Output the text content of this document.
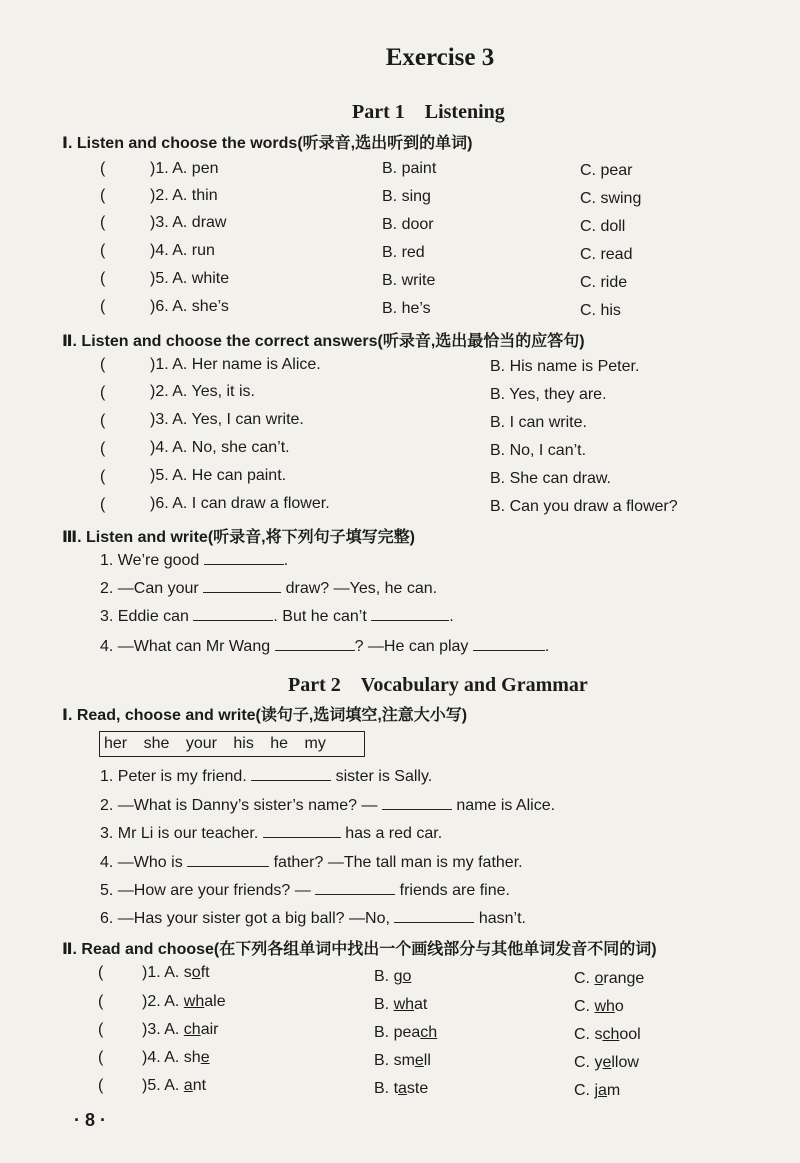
Exercise 3
Part 1　Listening
Ⅰ. Listen and choose the words(听录音,选出听到的单词)
(	)1. A. pen	B. paint	C. pear
(	)2. A. thin	B. sing	C. swing
(	)3. A. draw	B. door	C. doll
(	)4. A. run	B. red	C. read
(	)5. A. white	B. write	C. ride
(	)6. A. she’s	B. he’s	C. his
Ⅱ. Listen and choose the correct answers(听录音,选出最恰当的应答句)
(	)1. A. Her name is Alice.	B. His name is Peter.
(	)2. A. Yes, it is.	B. Yes, they are.
(	)3. A. Yes, I can write.	B. I can write.
(	)4. A. No, she can’t.	B. No, I can’t.
(	)5. A. He can paint.	B. She can draw.
(	)6. A. I can draw a flower.	B. Can you draw a flower?
Ⅲ. Listen and write(听录音,将下列句子填写完整)
1. We’re good	.
2. —Can your	draw? —Yes, he can.
3. Eddie can	. But he can’t	.
4. —What can Mr Wang	? —He can play	.
Part 2　Vocabulary and Grammar
Ⅰ. Read, choose and write(读句子,选词填空,注意大小写)
her she your his he my
1. Peter is my friend.	sister is Sally.
2. —What is Danny’s sister’s name? —	name is Alice.
3. Mr Li is our teacher.	has a red car.
4. —Who is	father? —The tall man is my father.
5. —How are your friends? —	friends are fine.
6. —Has your sister got a big ball? —No,	hasn’t.
Ⅱ. Read and choose(在下列各组单词中找出一个画线部分与其他单词发音不同的词)
( )1. A. soft	B. go	C. orange
( )2. A. whale	B. what	C. who
( )3. A. chair	B. peach	C. school
( )4. A. she	B. smell	C. yellow
( )5. A. ant	B. taste	C. jam
· 8 ·
